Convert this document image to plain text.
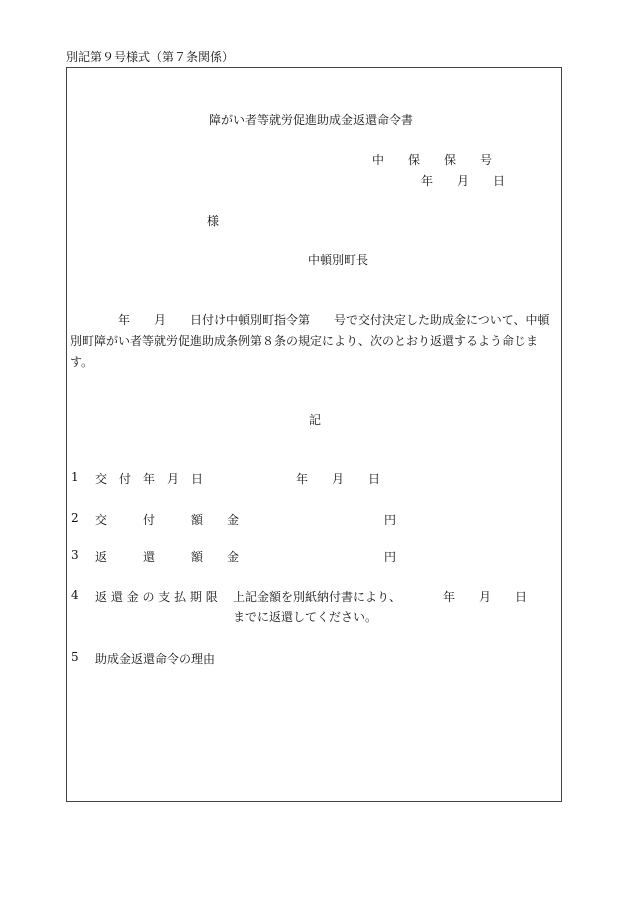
別記第９号様式（第７条関係）
障がい者等就労促進助成金返還命令書
中　　保　　保　　号
年　　月　　日
様
中頓別町長
　　　　年　　月　　日付け中頓別町指令第　　号で交付決定した助成金について、中頓別町障がい者等就労促進助成条例第８条の規定により、次のとおり返還するよう命じます。
記
1 交　付　年　月　日	年　　月　　日
2 交　　　付　　　額　　金	円
3 返　　　還　　　額　　金	円
4 返 還 金 の 支 払 期 限 上記金額を別紙納付書により、　　　　年　　月　　日
までに返還してください。
5 助成金返還命令の理由
